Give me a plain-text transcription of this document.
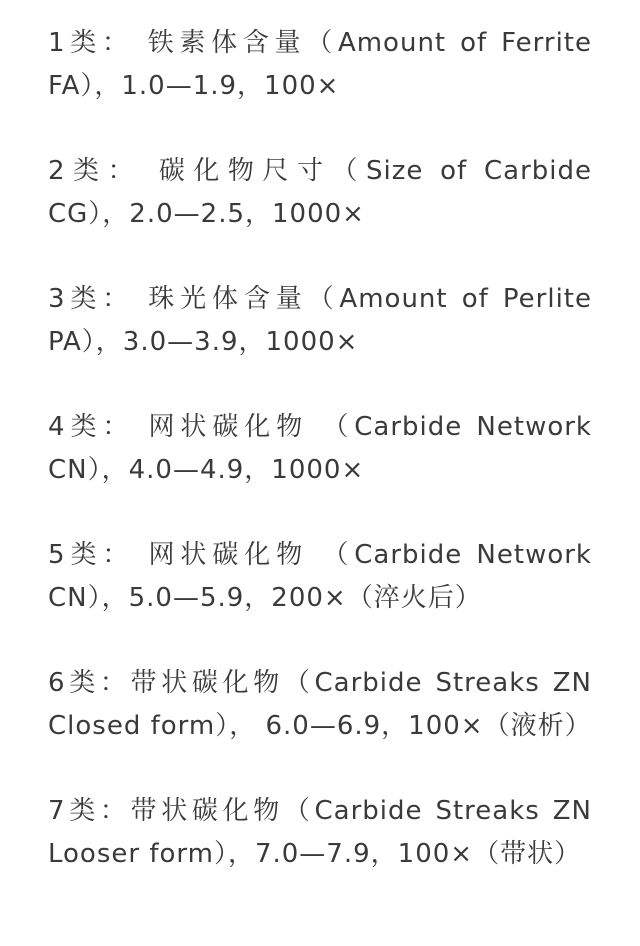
1类： 铁素体含量（Amount of Ferrite FA），1.0—1.9，100×

2类： 碳化物尺寸（Size of Carbide CG），2.0—2.5，1000×

3类： 珠光体含量（Amount of Perlite PA），3.0—3.9，1000×

4类： 网状碳化物 （Carbide Network CN），4.0—4.9，1000×

5类： 网状碳化物 （Carbide Network CN），5.0—5.9，200×（淬火后）

6类：带状碳化物（Carbide Streaks ZN Closed form）， 6.0—6.9，100×（液析）

7类：带状碳化物（Carbide Streaks ZN Looser form），7.0—7.9，100×（带状）
